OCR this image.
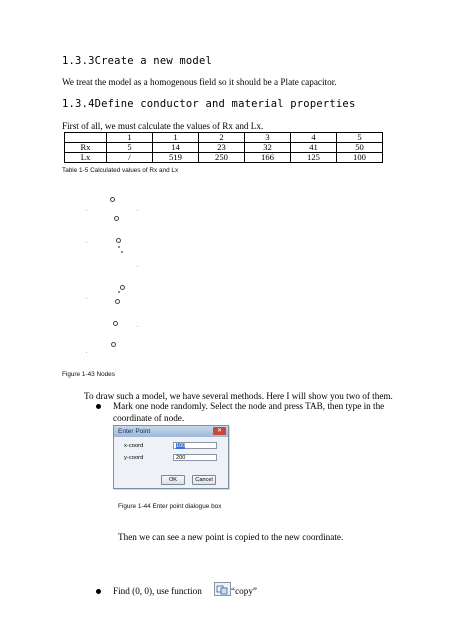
1.3.3Create a new model
We treat the model as a homogenous field so it should be a Plate capacitor.
1.3.4Define conductor and material properties
First of all, we must calculate the values of Rx and Lx.
	1	1	2	3	4	5
Rx	5	14	23	32	41	50
Lx	/	519	250	166	125	100
Table 1-5 Calculated values of Rx and Lx
Figure 1-43 Nodes
To draw such a model, we have several methods. Here I will show you two of them.
Mark one node randomly. Select the node and press TAB, then type in the
coordinate of node.
Enter Point	✕
x-coord	100
y-coord	200
OK	Cancel
Figure 1-44 Enter point dialogue box
Then we can see a new point is copied to the new coordinate.
Find (0, 0), use function	“copy”
